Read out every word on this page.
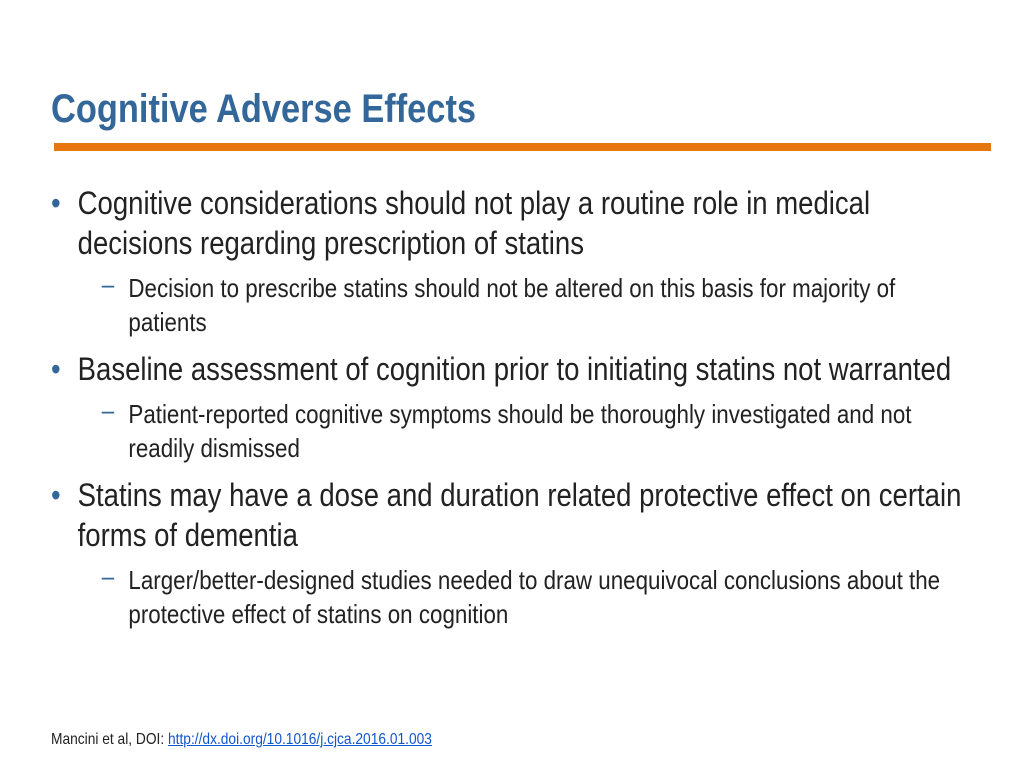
Cognitive Adverse Effects
• Cognitive considerations should not play a routine role in medical decisions regarding prescription of statins
– Decision to prescribe statins should not be altered on this basis for majority of patients
• Baseline assessment of cognition prior to initiating statins not warranted
– Patient-reported cognitive symptoms should be thoroughly investigated and not readily dismissed
• Statins may have a dose and duration related protective effect on certain forms of dementia
– Larger/better-designed studies needed to draw unequivocal conclusions about the protective effect of statins on cognition
Mancini et al, DOI: http://dx.doi.org/10.1016/j.cjca.2016.01.003
